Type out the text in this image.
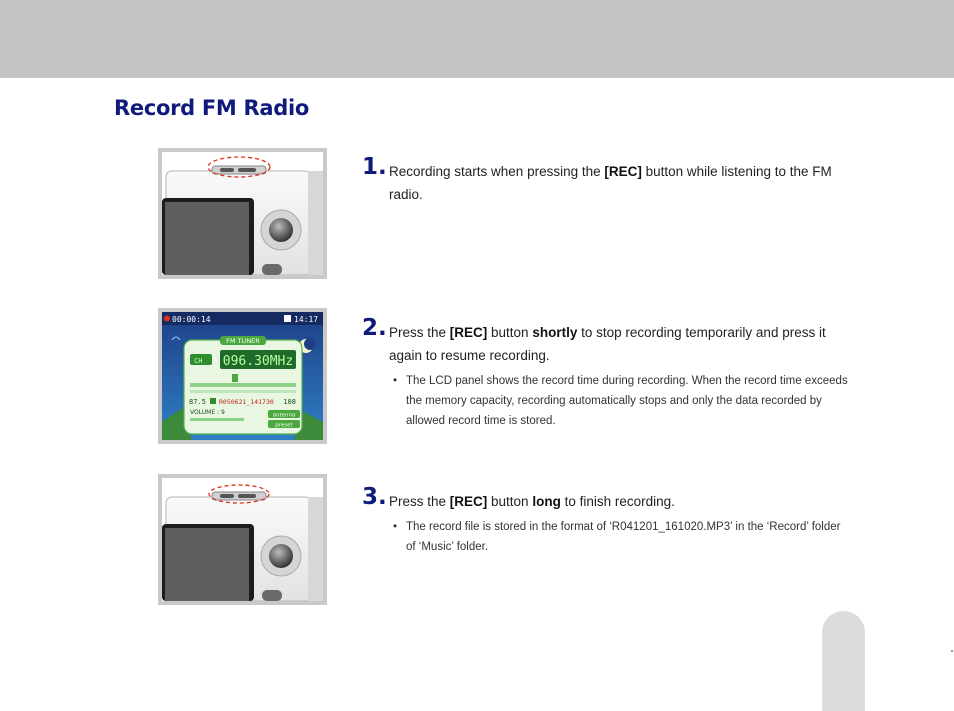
Record FM Radio
00:00:14	14:17
FM TUNER
CH 096.30MHz
87.5 R050621_141730 108
VOLUME : 9	antenna
preset
1. Recording starts when pressing the [REC] button while listening to the FM radio.
2. Press the [REC] button shortly to stop recording temporarily and press it again to resume recording.
• The LCD panel shows the record time during recording. When the record time exceeds the memory capacity, recording automatically stops and only the data recorded by allowed record time is stored.
3. Press the [REC] button long to finish recording.
• The record file is stored in the format of ‘R041201_161020.MP3’ in the ‘Record’ folder of ‘Music’ folder.
